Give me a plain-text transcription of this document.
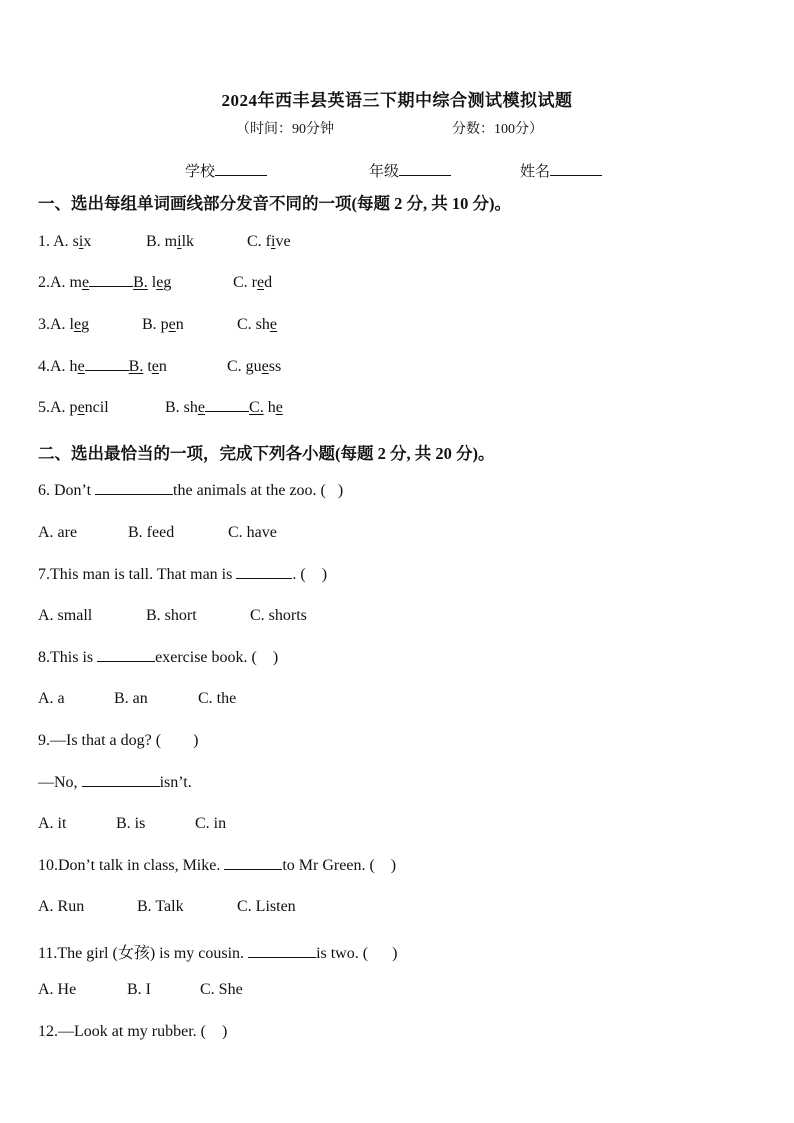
2024年西丰县英语三下期中综合测试模拟试题
（时间：90分钟	分数：100分）
学校	年级	姓名
一、选出每组单词画线部分发音不同的一项(每题 2 分, 共 10 分)。
1. A. six	B. milk	C. five
2.A. me	B. leg	C. red
3.A. leg	B. pen	C. she
4.A. he	B. ten	C. guess
5.A. pencil	B. she	C. he
二、选出最恰当的一项，完成下列各小题(每题 2 分, 共 20 分)。
6. Don’t	the animals at the zoo. (   )
A. are	B. feed	C. have
7.This man is tall. That man is	. (    )
A. small	B. short	C. shorts
8.This is	exercise book. (    )
A. a	B. an	C. the
9.—Is that a dog? (        )
—No,	isn’t.
A. it	B. is	C. in
10.Don’t talk in class, Mike.	to Mr Green. (    )
A. Run	B. Talk	C. Listen
11.The girl (女孩) is my cousin.	is two. (      )
A. He	B. I	C. She
12.—Look at my rubber. (    )
